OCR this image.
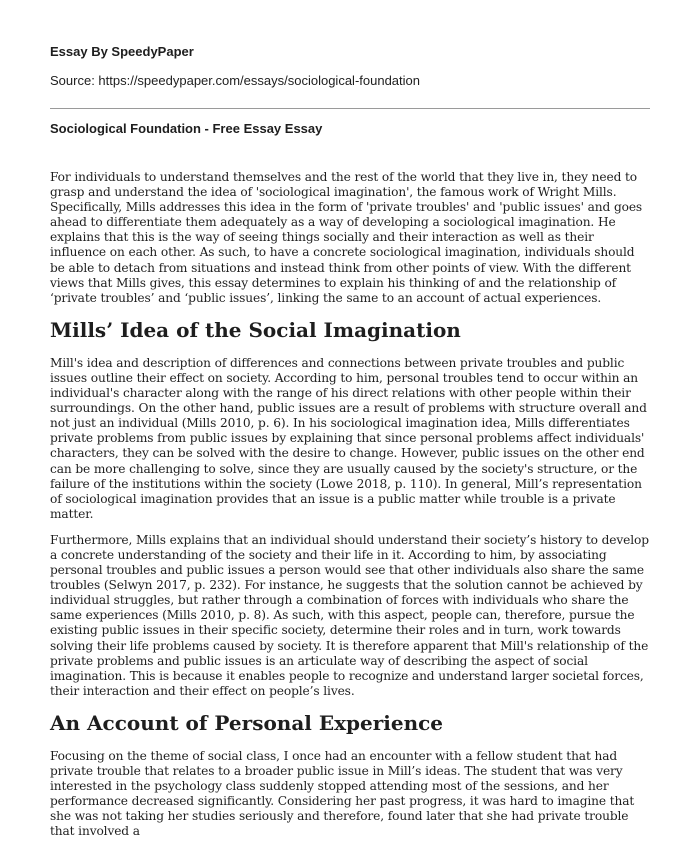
Essay By SpeedyPaper
Source: https://speedypaper.com/essays/sociological-foundation
Sociological Foundation - Free Essay Essay

For individuals to understand themselves and the rest of the world that they live in, they need to grasp and understand the idea of 'sociological imagination', the famous work of Wright Mills. Specifically, Mills addresses this idea in the form of 'private troubles' and 'public issues' and goes ahead to differentiate them adequately as a way of developing a sociological imagination. He explains that this is the way of seeing things socially and their interaction as well as their influence on each other. As such, to have a concrete sociological imagination, individuals should be able to detach from situations and instead think from other points of view. With the different views that Mills gives, this essay determines to explain his thinking of and the relationship of ‘private troubles’ and ‘public issues’, linking the same to an account of actual experiences.

Mills’ Idea of the Social Imagination

Mill's idea and description of differences and connections between private troubles and public issues outline their effect on society. According to him, personal troubles tend to occur within an individual's character along with the range of his direct relations with other people within their surroundings. On the other hand, public issues are a result of problems with structure overall and not just an individual (Mills 2010, p. 6). In his sociological imagination idea, Mills differentiates private problems from public issues by explaining that since personal problems affect individuals' characters, they can be solved with the desire to change. However, public issues on the other end can be more challenging to solve, since they are usually caused by the society's structure, or the failure of the institutions within the society (Lowe 2018, p. 110). In general, Mill’s representation of sociological imagination provides that an issue is a public matter while trouble is a private matter.

Furthermore, Mills explains that an individual should understand their society’s history to develop a concrete understanding of the society and their life in it. According to him, by associating personal troubles and public issues a person would see that other individuals also share the same troubles (Selwyn 2017, p. 232). For instance, he suggests that the solution cannot be achieved by individual struggles, but rather through a combination of forces with individuals who share the same experiences (Mills 2010, p. 8). As such, with this aspect, people can, therefore, pursue the existing public issues in their specific society, determine their roles and in turn, work towards solving their life problems caused by society. It is therefore apparent that Mill's relationship of the private problems and public issues is an articulate way of describing the aspect of social imagination. This is because it enables people to recognize and understand larger societal forces, their interaction and their effect on people’s lives.

An Account of Personal Experience

Focusing on the theme of social class, I once had an encounter with a fellow student that had private trouble that relates to a broader public issue in Mill’s ideas. The student that was very interested in the psychology class suddenly stopped attending most of the sessions, and her performance decreased significantly. Considering her past progress, it was hard to imagine that she was not taking her studies seriously and therefore, found later that she had private trouble that involved a
